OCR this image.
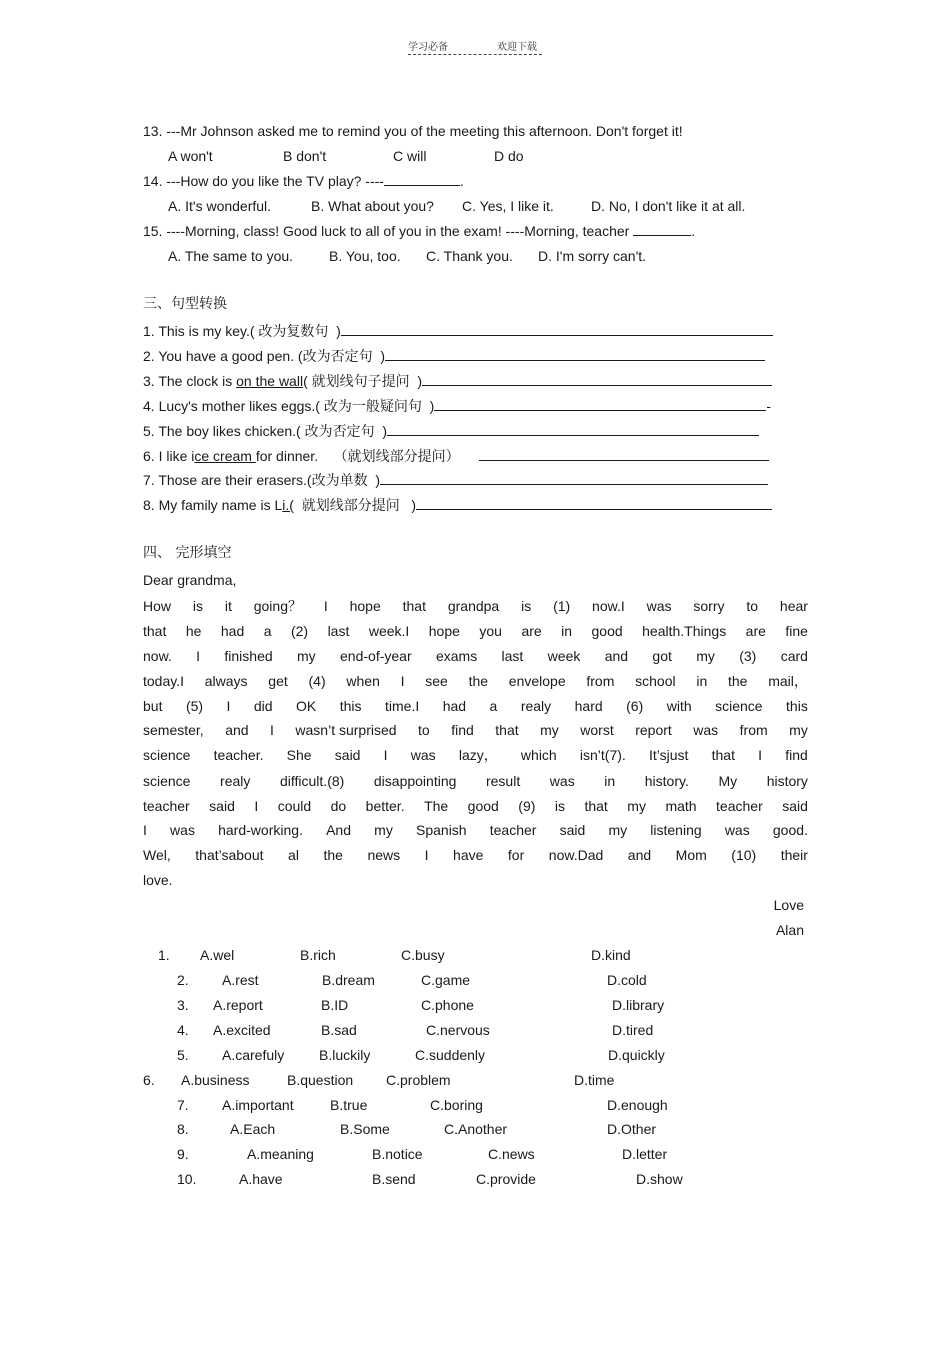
学习必备	欢迎下载
13. ---Mr Johnson asked me to remind you of the meeting this afternoon. Don't forget it!
A won't	B don't	C will	D do
14. ---How do you like the TV play? ----	.
A. It's wonderful.	B. What about you? C. Yes, I like it.	D. No, I don't like it at all.
15. ----Morning, class! Good luck to all of you in the exam! ----Morning, teacher	.
A. The same to you.	B. You, too. C. Thank you. D. I'm sorry can't.
三、句型转换
1. This is my key.( 改为复数句 )
2. You have a good pen. (改为否定句 )
3. The clock is on the wall( 就划线句子提问 )
4. Lucy's mother likes eggs.( 改为一般疑问句 )	-
5. The boy likes chicken.( 改为否定句 )
6. I like ice cream for dinner. （就划线部分提问）
7. Those are their erasers.(改为单数 )
8. My family name is Li.( 就划线部分提问 )
四、 完形填空
Dear grandma,
How is it going？ I hope that grandpa is (1) now.I was sorry to hear
that he had a (2) last week.I hope you are in good health.Things are fine
now. I finished my end-of-year exams last week and got my (3) card
today.I always get (4) when I see the envelope from school in the mail，
but (5) I did OK this time.I had a realy hard (6) with science this
semester, and I wasn’t surprised to find that my worst report was from my
science teacher. She said I was lazy， which isn’t(7). It’sjust that I find
science realy difficult.(8) disappointing result was in history. My history
teacher said I could do better. The good (9) is that my math teacher said
I was hard-working. And my Spanish teacher said my listening was good.
Wel, that’sabout al the news I have for now.Dad and Mom (10) their
love.
Love
Alan
1. A.wel	B.rich	C.busy	D.kind
2. A.rest	B.dream	C.game	D.cold
3. A.report	B.ID	C.phone	D.library
4. A.excited	B.sad	C.nervous	D.tired
5. A.carefuly B.luckily	C.suddenly	D.quickly
6. A.business	B.question C.problem	D.time
7. A.important	B.true	C.boring	D.enough
8.	A.Each	B.Some	C.Another	D.Other
9.	A.meaning	B.notice	C.news	D.letter
10.	A.have	B.send	C.provide	D.show
